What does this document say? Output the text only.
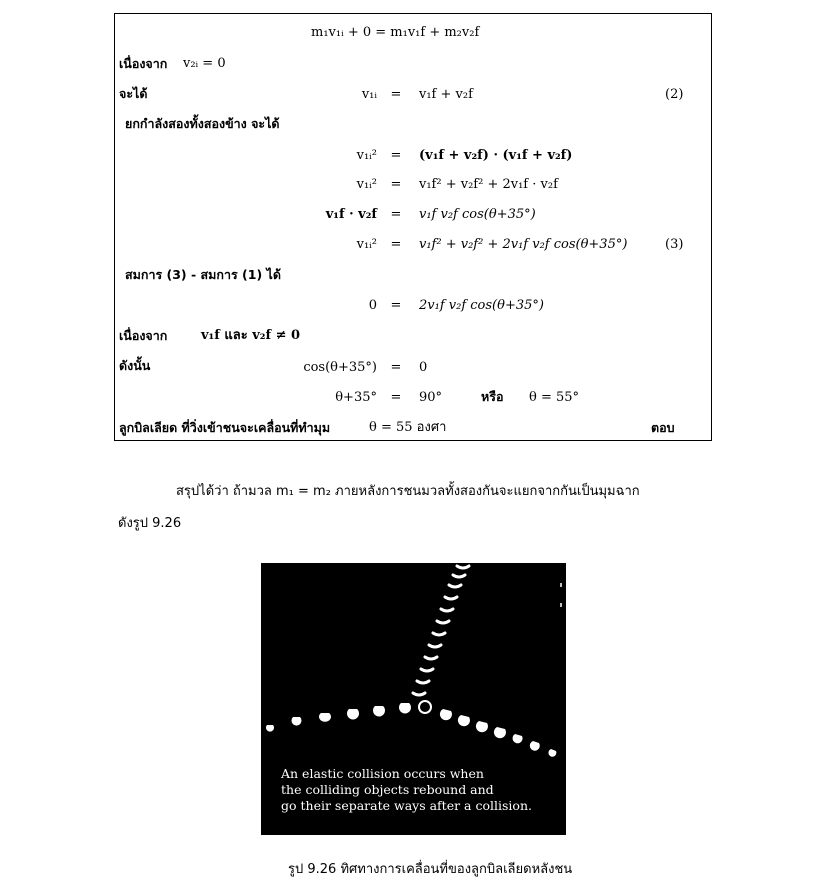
m₁v₁ᵢ + 0 = m₁v₁f + m₂v₂f
เนื่องจาก v₂ᵢ = 0
จะได้	v₁ᵢ	=	v₁f + v₂f	(2)
ยกกำลังสองทั้งสองข้าง จะได้
v₁ᵢ²	=	(v₁f + v₂f) · (v₁f + v₂f)
v₁ᵢ²	=	v₁f² + v₂f² + 2v₁f · v₂f
v₁f · v₂f	=	v₁f v₂f cos(θ+35°)
v₁ᵢ²	=	v₁f² + v₂f² + 2v₁f v₂f cos(θ+35°)	(3)
สมการ (3) - สมการ (1) ได้
0	=	2v₁f v₂f cos(θ+35°)
เนื่องจาก	v₁f และ v₂f ≠ 0
ดังนั้น	cos(θ+35°)	=	0
θ+35°	=	90°	หรือ θ = 55°
ลูกบิลเลียด ที่วิ่งเข้าชนจะเคลื่อนที่ทำมุม	θ = 55 องศา	ตอบ
สรุปได้ว่า ถ้ามวล m₁ = m₂ ภายหลังการชนมวลทั้งสองกันจะแยกจากกันเป็นมุมฉาก
ดังรูป 9.26
An elastic collision occurs when
the colliding objects rebound and
go their separate ways after a collision.
รูป 9.26 ทิศทางการเคลื่อนที่ของลูกบิลเลียดหลังชน
